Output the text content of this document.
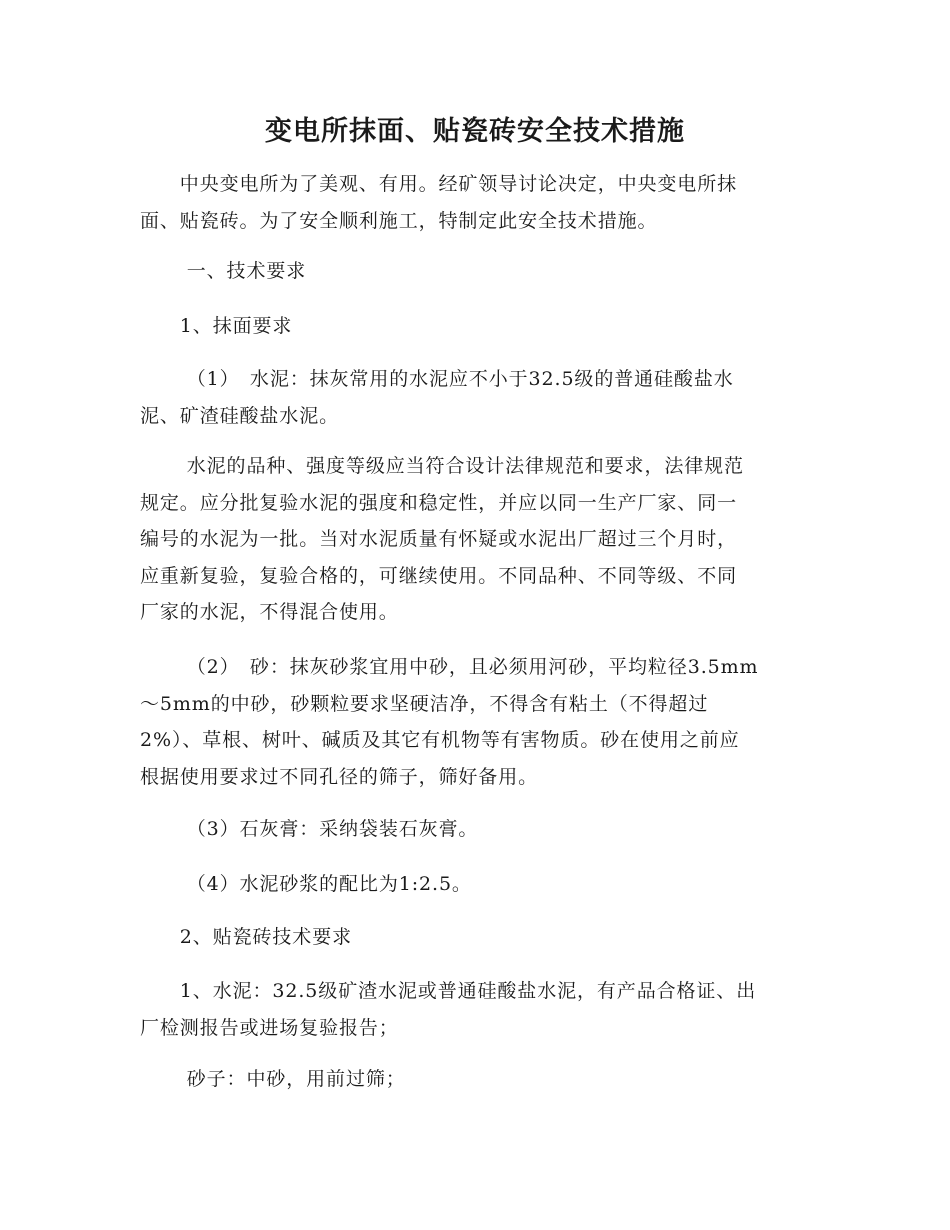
变电所抹面、贴瓷砖安全技术措施
　　中央变电所为了美观、有用。经矿领导讨论决定，中央变电所抹
面、贴瓷砖。为了安全顺利施工，特制定此安全技术措施。
　　 一、技术要求
　　1、抹面要求
　　 （1）　水泥：抹灰常用的水泥应不小于32.5级的普通硅酸盐水
泥、矿渣硅酸盐水泥。
　　 水泥的品种、强度等级应当符合设计法律规范和要求，法律规范
规定。应分批复验水泥的强度和稳定性，并应以同一生产厂家、同一
编号的水泥为一批。当对水泥质量有怀疑或水泥出厂超过三个月时，
应重新复验，复验合格的，可继续使用。不同品种、不同等级、不同
厂家的水泥，不得混合使用。
　　 （2）　砂：抹灰砂浆宜用中砂，且必须用河砂，平均粒径3.5mm
～5mm的中砂，砂颗粒要求坚硬洁净，不得含有粘土（不得超过
2%）、草根、树叶、碱质及其它有机物等有害物质。砂在使用之前应
根据使用要求过不同孔径的筛子，筛好备用。
　　 （3）石灰膏：采纳袋装石灰膏。
　　 （4）水泥砂浆的配比为1:2.5。
　　2、贴瓷砖技术要求
　　1、水泥：32.5级矿渣水泥或普通硅酸盐水泥，有产品合格证、出
厂检测报告或进场复验报告；
　　 砂子：中砂，用前过筛；
